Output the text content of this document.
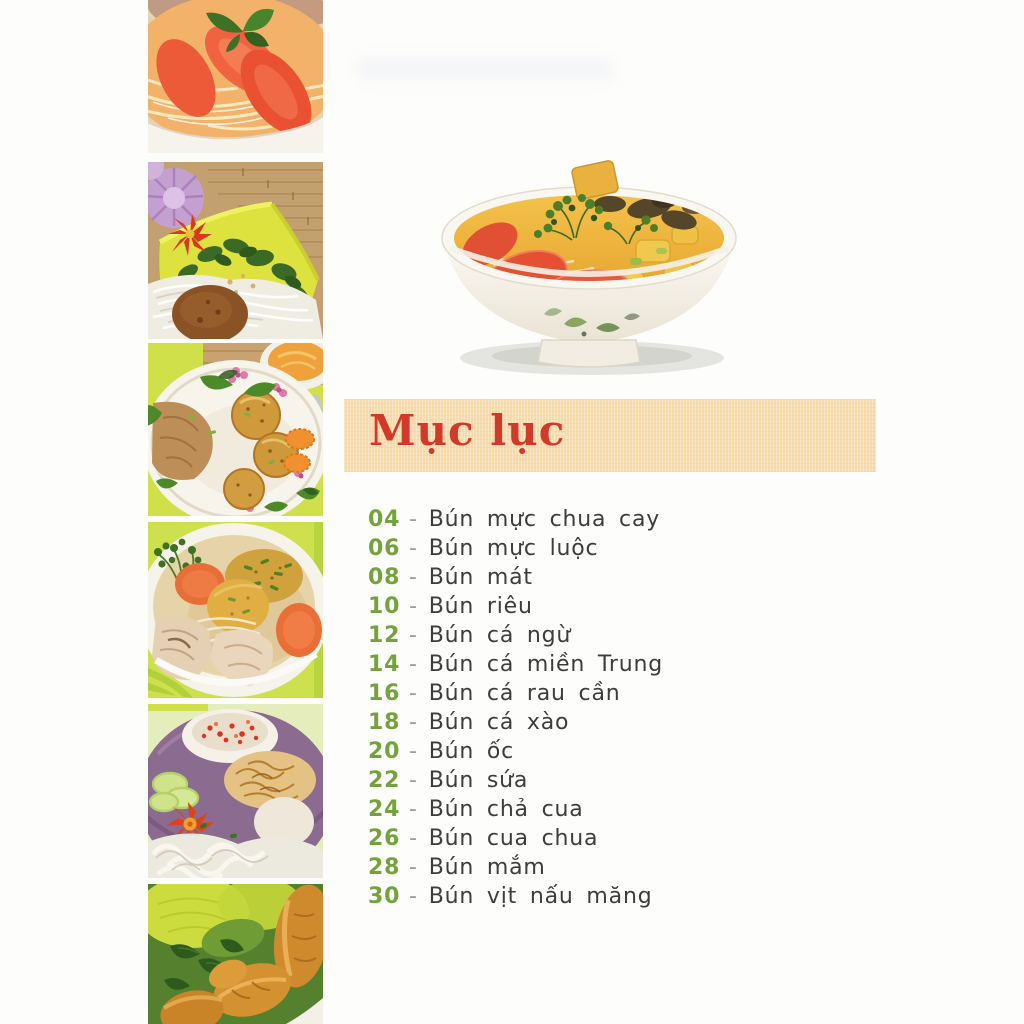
Mục lục
04 - Bún mực chua cay
06 - Bún mực luộc
08 - Bún mát
10 - Bún riêu
12 - Bún cá ngừ
14 - Bún cá miền Trung
16 - Bún cá rau cần
18 - Bún cá xào
20 - Bún ốc
22 - Bún sứa
24 - Bún chả cua
26 - Bún cua chua
28 - Bún mắm
30 - Bún vịt nấu măng
